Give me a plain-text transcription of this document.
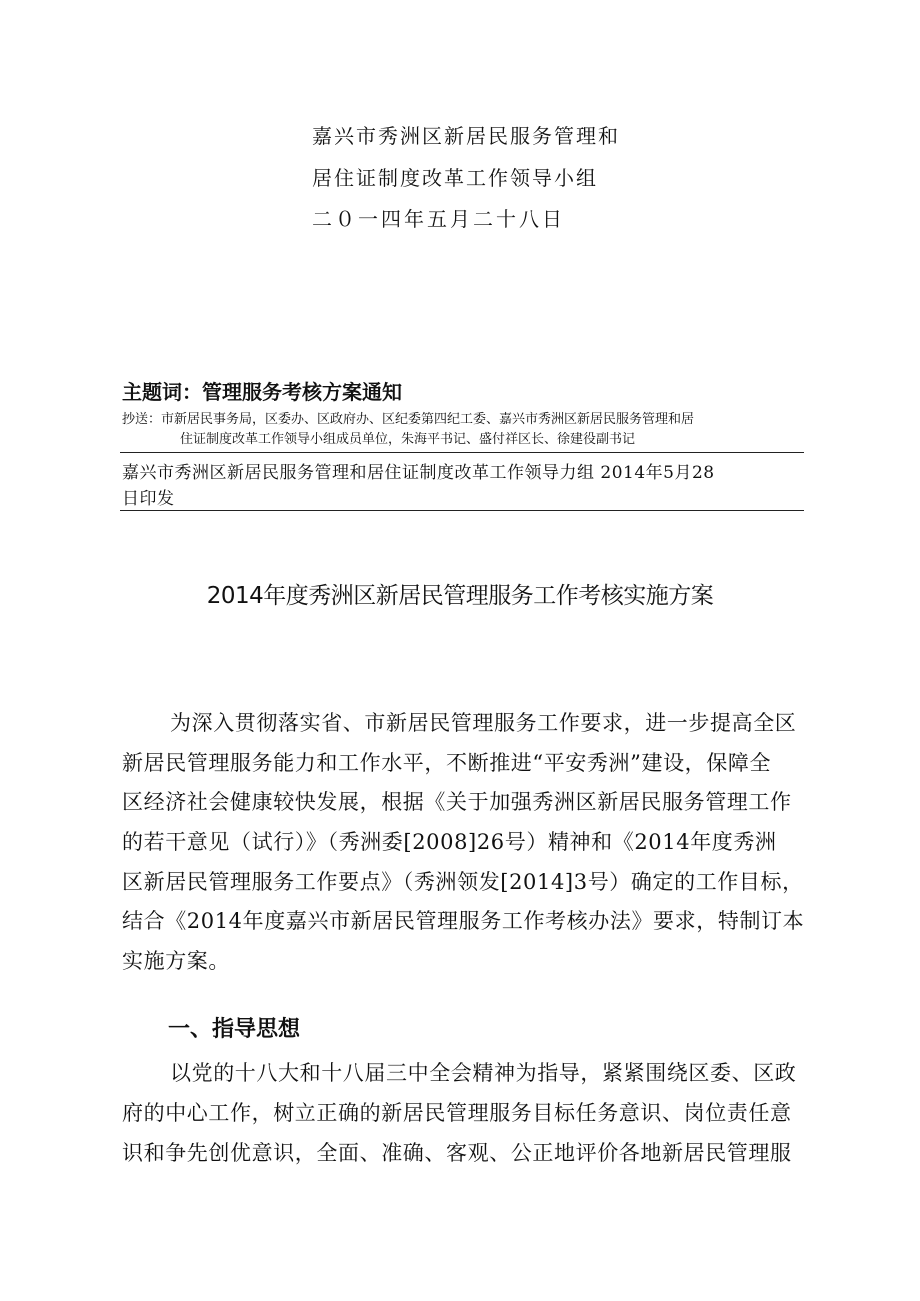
嘉兴市秀洲区新居民服务管理和
居住证制度改革工作领导小组
二０一四年五月二十八日
主题词：管理服务考核方案通知
抄送：市新居民事务局，区委办、区政府办、区纪委第四纪工委、嘉兴市秀洲区新居民服务管理和居
住证制度改革工作领导小组成员单位，朱海平书记、盛付祥区长、徐建役副书记
嘉兴市秀洲区新居民服务管理和居住证制度改革工作领导力组 2014年5月28
日印发
2014年度秀洲区新居民管理服务工作考核实施方案
为深入贯彻落实省、市新居民管理服务工作要求，进一步提高全区
新居民管理服务能力和工作水平，不断推进“平安秀洲”建设，保障全
区经济社会健康较快发展，根据《关于加强秀洲区新居民服务管理工作
的若干意见（试行）》（秀洲委[2008]26号）精神和《2014年度秀洲
区新居民管理服务工作要点》（秀洲领发[2014]3号）确定的工作目标，
结合《2014年度嘉兴市新居民管理服务工作考核办法》要求，特制订本
实施方案。
一、指导思想
以党的十八大和十八届三中全会精神为指导，紧紧围绕区委、区政
府的中心工作，树立正确的新居民管理服务目标任务意识、岗位责任意
识和争先创优意识，全面、准确、客观、公正地评价各地新居民管理服
